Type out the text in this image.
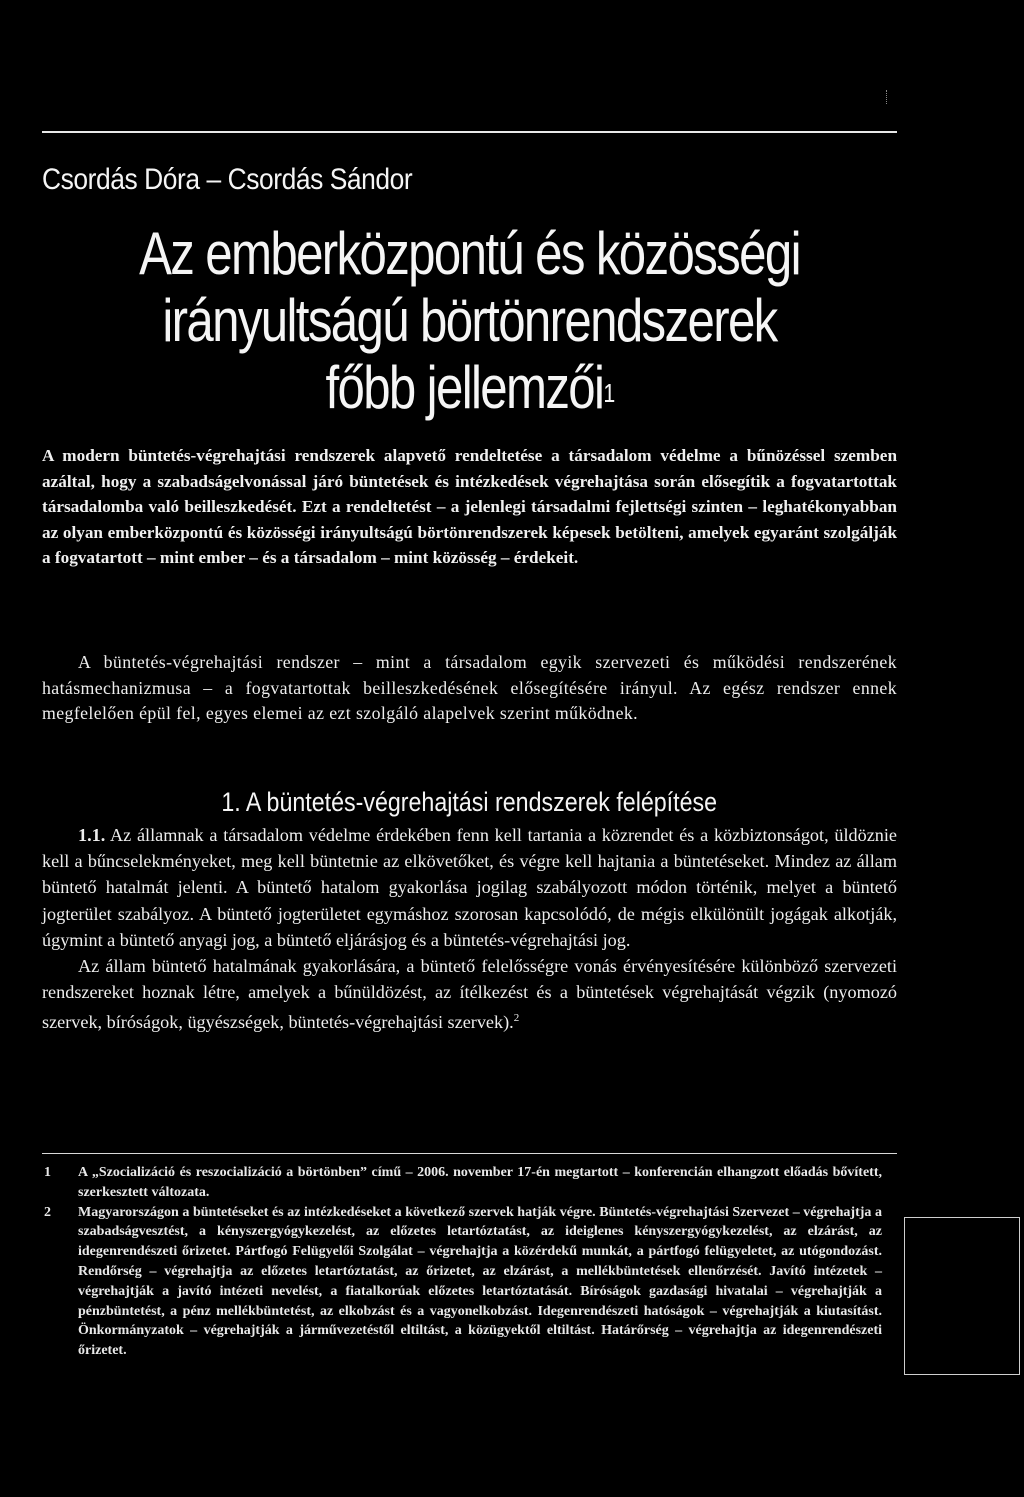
Csordás Dóra – Csordás Sándor
Az emberközpontú és közösségi
irányultságú börtönrendszerek
főbb jellemzői$^1$
A modern büntetés-végrehajtási rendszerek alapvető rendeltetése a társadalom védelme a bűnözéssel szemben azáltal, hogy a szabadságelvonással járó büntetések és intézkedések végrehajtása során elősegítik a fogvatartottak társadalomba való beilleszkedését. Ezt a rendeltetést – a jelenlegi társadalmi fejlettségi szinten – leghatékonyabban az olyan emberközpontú és közösségi irányultságú börtönrendszerek képesek betölteni, amelyek egyaránt szolgálják a fogvatartott – mint ember – és a társadalom – mint közösség – érdekeit.
A büntetés-végrehajtási rendszer – mint a társadalom egyik szervezeti és működési rendszerének hatásmechanizmusa – a fogvatartottak beilleszkedésének elősegítésére irányul. Az egész rendszer ennek megfelelően épül fel, egyes elemei az ezt szolgáló alapelvek szerint működnek.
1. A büntetés-végrehajtási rendszerek felépítése

1.1. Az államnak a társadalom védelme érdekében fenn kell tartania a közrendet és a közbiztonságot, üldöznie kell a bűncselekményeket, meg kell büntetnie az elkövetőket, és végre kell hajtania a büntetéseket. Mindez az állam büntető hatalmát jelenti. A büntető hatalom gyakorlása jogilag szabályozott módon történik, melyet a büntető jogterület szabályoz. A büntető jogterületet egymáshoz szorosan kapcsolódó, de mégis elkülönült jogágak alkotják, úgymint a büntető anyagi jog, a büntető eljárásjog és a büntetés-végrehajtási jog.

Az állam büntető hatalmának gyakorlására, a büntető felelősségre vonás érvényesítésére különböző szervezeti rendszereket hoznak létre, amelyek a bűnüldözést, az ítélkezést és a büntetések végrehajtását végzik (nyomozó szervek, bíróságok, ügyészségek, büntetés-végrehajtási szervek).$^2$

1	A „Szocializáció és reszocializáció a börtönben” című – 2006. november 17-én megtartott – konferencián elhangzott előadás bővített, szerkesztett változata.
2	Magyarországon a büntetéseket és az intézkedéseket a következő szervek hatják végre. Büntetés-végrehajtási Szervezet – végrehajtja a szabadságvesztést, a kényszergyógykezelést, az előzetes letartóztatást, az ideiglenes kényszergyógykezelést, az elzárást, az idegenrendészeti őrizetet. Pártfogó Felügyelői Szolgálat – végrehajtja a közérdekű munkát, a pártfogó felügyeletet, az utógondozást. Rendőrség – végrehajtja az előzetes letartóztatást, az őrizetet, az elzárást, a mellékbüntetések ellenőrzését. Javító intézetek – végrehajtják a javító intézeti nevelést, a fiatalkorúak előzetes letartóztatását. Bíróságok gazdasági hivatalai – végrehajtják a pénzbüntetést, a pénz mellékbüntetést, az elkobzást és a vagyonelkobzást. Idegenrendészeti hatóságok – végrehajtják a kiutasítást. Önkormányzatok – végrehajtják a járművezetéstől eltiltást, a közügyektől eltiltást. Határőrség – végrehajtja az idegenrendészeti őrizetet.
